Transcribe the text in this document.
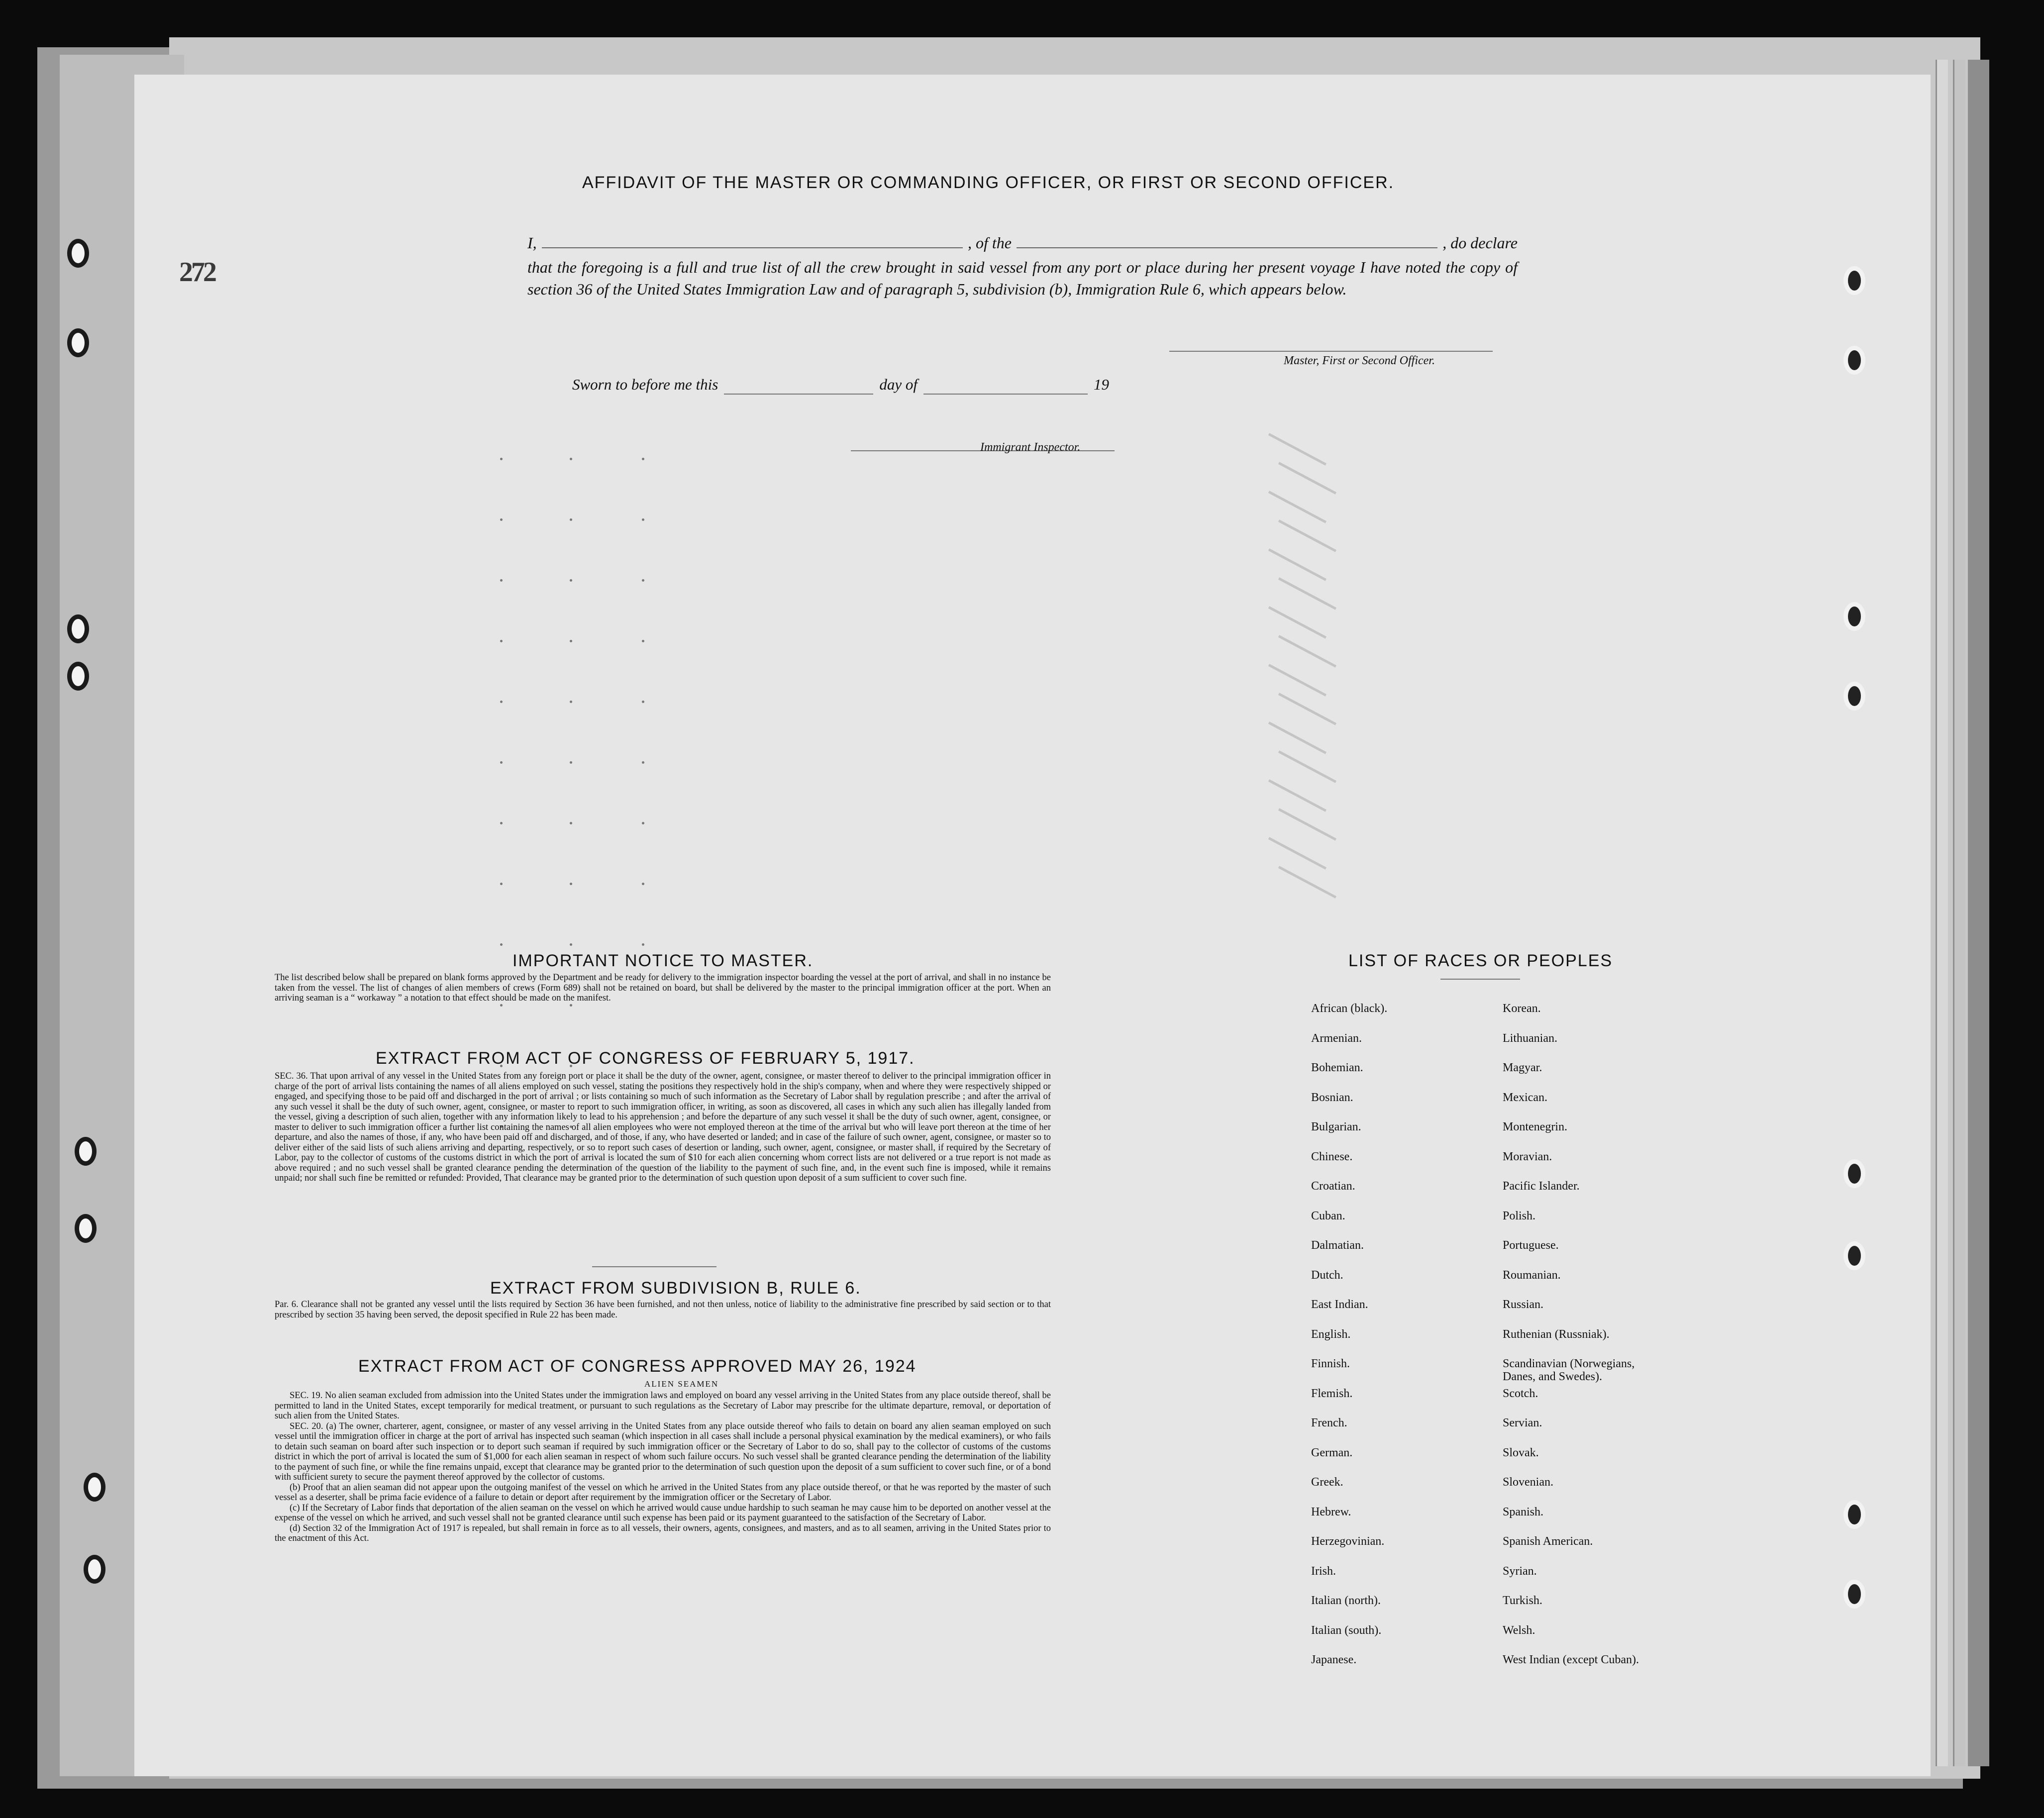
272
AFFIDAVIT OF THE MASTER OR COMMANDING OFFICER, OR FIRST OR SECOND OFFICER.
I,	, of the	, do declare

that the foregoing is a full and true list of all the crew brought in said vessel from any port or place during her present voyage I have noted the copy of section 36 of the United States Immigration Law and of paragraph 5, subdivision (b), Immigration Rule 6, which appears below.

Master, First or Second Officer.
Sworn to before me this
	day of
	19
Immigrant Inspector.
IMPORTANT NOTICE TO MASTER.

The list described below shall be prepared on blank forms approved by the Department and be ready for delivery to the immigration inspector boarding the vessel at the port of arrival, and shall in no instance be taken from the vessel. The list of changes of alien members of crews (Form 689) shall not be retained on board, but shall be delivered by the master to the principal immigration officer at the port. When an arriving seaman is a “ workaway ” a notation to that effect should be made on the manifest.

EXTRACT FROM ACT OF CONGRESS OF FEBRUARY 5, 1917.

SEC. 36. That upon arrival of any vessel in the United States from any foreign port or place it shall be the duty of the owner, agent, consignee, or master thereof to deliver to the principal immigration officer in charge of the port of arrival lists containing the names of all aliens employed on such vessel, stating the positions they respectively hold in the ship's company, when and where they were respectively shipped or engaged, and specifying those to be paid off and discharged in the port of arrival ; or lists containing so much of such information as the Secretary of Labor shall by regulation prescribe ; and after the arrival of any such vessel it shall be the duty of such owner, agent, consignee, or master to report to such immigration officer, in writing, as soon as discovered, all cases in which any such alien has illegally landed from the vessel, giving a description of such alien, together with any information likely to lead to his apprehension ; and before the departure of any such vessel it shall be the duty of such owner, agent, consignee, or master to deliver to such immigration officer a further list containing the names of all alien employees who were not employed thereon at the time of the arrival but who will leave port thereon at the time of her departure, and also the names of those, if any, who have been paid off and discharged, and of those, if any, who have deserted or landed; and in case of the failure of such owner, agent, consignee, or master so to deliver either of the said lists of such aliens arriving and departing, respectively, or so to report such cases of desertion or landing, such owner, agent, consignee, or master shall, if required by the Secretary of Labor, pay to the collector of customs of the customs district in which the port of arrival is located the sum of $10 for each alien concerning whom correct lists are not delivered or a true report is not made as above required ; and no such vessel shall be granted clearance pending the determination of the question of the liability to the payment of such fine, and, in the event such fine is imposed, while it remains unpaid; nor shall such fine be remitted or refunded: Provided, That clearance may be granted prior to the determination of such question upon deposit of a sum sufficient to cover such fine.

EXTRACT FROM SUBDIVISION B, RULE 6.

Par. 6. Clearance shall not be granted any vessel until the lists required by Section 36 have been furnished, and not then unless, notice of liability to the administrative fine prescribed by said section or to that prescribed by section 35 having been served, the deposit specified in Rule 22 has been made.

EXTRACT FROM ACT OF CONGRESS APPROVED MAY 26, 1924
ALIEN SEAMEN
SEC. 19. No alien seaman excluded from admission into the United States under the immigration laws and employed on board any vessel arriving in the United States from any place outside thereof, shall be permitted to land in the United States, except temporarily for medical treatment, or pursuant to such regulations as the Secretary of Labor may prescribe for the ultimate departure, removal, or deportation of such alien from the United States.
SEC. 20. (a) The owner, charterer, agent, consignee, or master of any vessel arriving in the United States from any place outside thereof who fails to detain on board any alien seaman employed on such vessel until the immigration officer in charge at the port of arrival has inspected such seaman (which inspection in all cases shall include a personal physical examination by the medical examiners), or who fails to detain such seaman on board after such inspection or to deport such seaman if required by such immigration officer or the Secretary of Labor to do so, shall pay to the collector of customs of the customs district in which the port of arrival is located the sum of $1,000 for each alien seaman in respect of whom such failure occurs. No such vessel shall be granted clearance pending the determination of the liability to the payment of such fine, or while the fine remains unpaid, except that clearance may be granted prior to the determination of such question upon the deposit of a sum sufficient to cover such fine, or of a bond with sufficient surety to secure the payment thereof approved by the collector of customs.
(b) Proof that an alien seaman did not appear upon the outgoing manifest of the vessel on which he arrived in the United States from any place outside thereof, or that he was reported by the master of such vessel as a deserter, shall be prima facie evidence of a failure to detain or deport after requirement by the immigration officer or the Secretary of Labor.
(c) If the Secretary of Labor finds that deportation of the alien seaman on the vessel on which he arrived would cause undue hardship to such seaman he may cause him to be deported on another vessel at the expense of the vessel on which he arrived, and such vessel shall not be granted clearance until such expense has been paid or its payment guaranteed to the satisfaction of the Secretary of Labor.
(d) Section 32 of the Immigration Act of 1917 is repealed, but shall remain in force as to all vessels, their owners, agents, consignees, and masters, and as to all seamen, arriving in the United States prior to the enactment of this Act.
LIST OF RACES OR PEOPLES
African (black).
Armenian.
Bohemian.
Bosnian.
Bulgarian.
Chinese.
Croatian.
Cuban.
Dalmatian.
Dutch.
East Indian.
English.
Finnish.
Flemish.
French.
German.
Greek.
Hebrew.
Herzegovinian.
Irish.
Italian (north).
Italian (south).
Japanese.
Korean.
Lithuanian.
Magyar.
Mexican.
Montenegrin.
Moravian.
Pacific Islander.
Polish.
Portuguese.
Roumanian.
Russian.
Ruthenian (Russniak).
Scandinavian (Norwegians,
Danes, and Swedes).
Scotch.
Servian.
Slovak.
Slovenian.
Spanish.
Spanish American.
Syrian.
Turkish.
Welsh.
West Indian (except Cuban).
